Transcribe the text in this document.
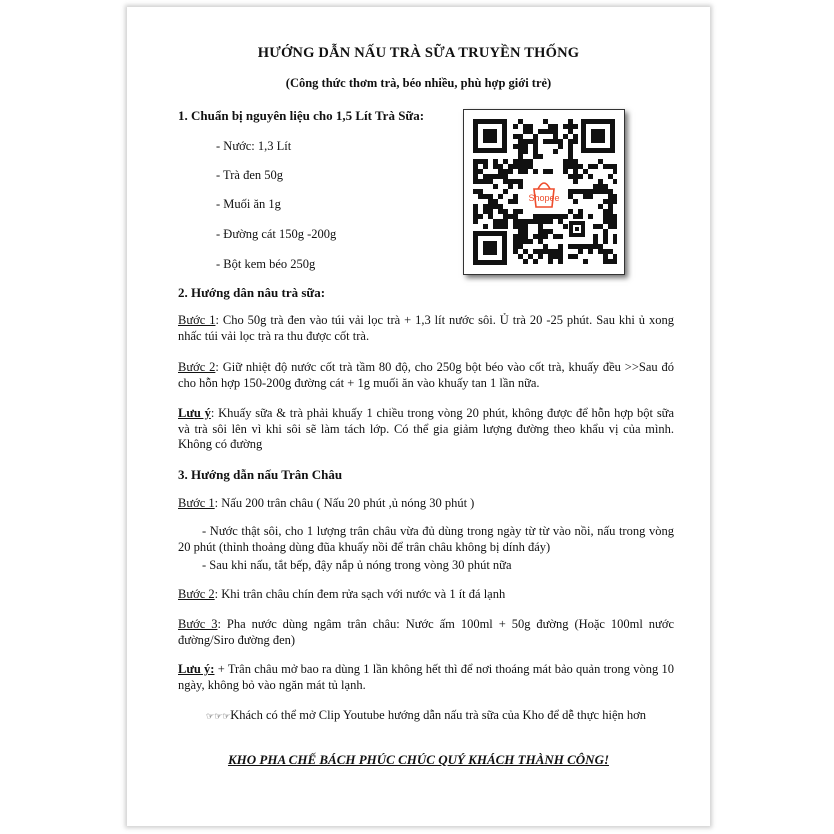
HƯỚNG DẪN NẤU TRÀ SỮA TRUYỀN THỐNG
(Công thức thơm trà, béo nhiều, phù hợp giới trẻ)
1. Chuẩn bị nguyên liệu cho 1,5 Lít Trà Sữa:
- Nước: 1,3 Lít
- Trà đen 50g
- Muối ăn 1g
- Đường cát 150g -200g
- Bột kem béo 250g
Shopee
2. Hướng dân nâu trà sữa:
Bước 1: Cho 50g trà đen vào túi vải lọc trà + 1,3 lít nước sôi. Ủ trà 20 -25 phút. Sau khi ủ xong nhấc túi vải lọc trà ra thu được cốt trà.
Bước 2: Giữ nhiệt độ nước cốt trà tầm 80 độ, cho 250g bột béo vào cốt trà, khuấy đều >>Sau đó cho hỗn hợp 150-200g đường cát + 1g muối ăn vào khuấy tan 1 lần nữa.
Lưu ý: Khuấy sữa & trà phải khuấy 1 chiều trong vòng 20 phút, không được để hỗn hợp bột sữa và trà sôi lên vì khi sôi sẽ làm tách lớp. Có thể gia giảm lượng đường theo khẩu vị của mình. Không có đường
3. Hướng dẫn nấu Trân Châu
Bước 1: Nấu 200 trân châu ( Nấu 20 phút ,ủ nóng 30 phút )
- Nước thật sôi, cho 1 lượng trân châu vừa đủ dùng trong ngày từ từ vào nồi, nấu trong vòng 20 phút (thỉnh thoảng dùng đũa khuấy nồi để trân châu không bị dính đáy)
- Sau khi nấu, tắt bếp, đậy nắp ủ nóng trong vòng 30 phút nữa
Bước 2: Khi trân châu chín đem rửa sạch với nước và 1 ít đá lạnh
Bước 3: Pha nước dùng ngâm trân châu: Nước ấm 100ml + 50g đường (Hoặc 100ml nước đường/Siro đường đen)
Lưu ý: + Trân châu mở bao ra dùng 1 lần không hết thì để nơi thoáng mát bảo quản trong vòng 10 ngày, không bỏ vào ngăn mát tủ lạnh.
☞☞☞Khách có thể mở Clip Youtube hướng dẫn nấu trà sữa của Kho để dễ thực hiện hơn
KHO PHA CHẾ BÁCH PHÚC CHÚC QUÝ KHÁCH THÀNH CÔNG!
